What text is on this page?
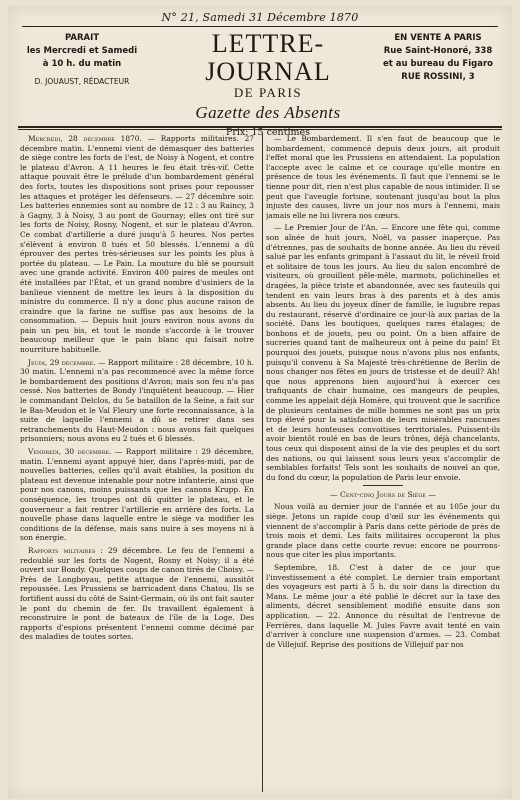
N° 21, Samedi 31 Décembre 1870
PARAIT
les Mercredi et Samedi
à 10 h. du matin
D. JOUAUST, RÉDACTEUR
LETTRE-JOURNAL
DE PARIS
Gazette des Absents
Prix: 15 centimes
EN VENTE A PARIS
Rue Saint-Honoré, 338
et au bureau du Figaro
RUE ROSSINI, 3

Mercredi, 28 décembre 1870. — Rapports militaires. 27 décembre matin. L'ennemi vient de démasquer des batteries de siège contre les forts de l'est, de Noisy à Nogent, et contre le plateau d'Avron. A 11 heures le feu était très-vif. Cette attaque pouvait être le prélude d'un bombardement général des forts, toutes les dispositions sont prises pour repousser les attaques et protéger les défenseurs. — 27 décembre soir. Les batteries ennemies sont au nombre de 12 : 3 au Raincy, 3 à Gagny, 3 à Noisy, 3 au pont de Gournay; elles ont tiré sur les forts de Noisy, Rosny, Nogent, et sur le plateau d'Avron. Ce combat d'artillerie a duré jusqu'à 5 heures. Nos pertes s'élèvent à environ 8 tués et 50 blessés. L'ennemi a dû éprouver des pertes très-sérieuses sur les points les plus à portée du plateau. — Le Pain. La mouture du blé se poursuit avec une grande activité. Environ 400 paires de meules ont été installées par l'État, et un grand nombre d'usiniers de la banlieue viennent de mettre les leurs à la disposition du ministre du commerce. Il n'y a donc plus aucune raison de craindre que la farine ne suffise pas aux besoins de la consommation. — Depuis huit jours environ nous avons du pain un peu bis, et tout le monde s'accorde à le trouver beaucoup meilleur que le pain blanc qui faisait notre nourriture habituelle.

Jeudi, 29 décembre. — Rapport militaire : 28 décembre, 10 h. 30 matin. L'ennemi n'a pas recommencé avec la même force le bombardement des positions d'Avron; mais son feu n'a pas cessé. Nos batteries de Bondy l'inquiètent beaucoup. — Hier le commandant Delclos, du 5e bataillon de la Seine, a fait sur le Bas-Meudon et le Val Fleury une forte reconnaissance, à la suite de laquelle l'ennemi a dû se retirer dans ses retranchements du Haut-Meudon : nous avons fait quelques prisonniers; nous avons eu 2 tués et 6 blessés.

Vendredi, 30 décembre. — Rapport militaire : 29 décembre, matin. L'ennemi ayant appuyé hier, dans l'après-midi, par de nouvelles batteries, celles qu'il avait établies, la position du plateau est devenue intenable pour notre infanterie, ainsi que pour nos canons, moins puissants que les canons Krupp. En conséquence, les troupes ont dû quitter le plateau, et le gouverneur a fait rentrer l'artillerie en arrière des forts. La nouvelle phase dans laquelle entre le siège va modifier les conditions de la défense, mais sans nuire à ses moyens ni à son énergie.

Rapports militaires : 29 décembre. Le feu de l'ennemi a redoublé sur les forts de Nogent, Rosny et Noisy; il a été ouvert sur Bondy. Quelques coups de canon tirés de Choisy. — Près de Longboyau, petite attaque de l'ennemi, aussitôt repoussée. Les Prussiens se barricadent dans Chatou. Ils se fortifient aussi du côté de Saint-Germain, où ils ont fait sauter le pont du chemin de fer. Ils travaillent également à reconstruire le pont de bateaux de l'île de la Loge. Des rapports d'espions présentent l'ennemi comme décimé par des maladies de toutes sortes.

— Le Bombardement. Il s'en faut de beaucoup que le bombardement, commencé depuis deux jours, ait produit l'effet moral que les Prussiens en attendaient. La population l'accepte avec le calme et ce courage qu'elle montre en présence de tous les événements. Il faut que l'ennemi se le tienne pour dit, rien n'est plus capable de nous intimider. Il se peut que l'aveugle fortune, soutenant jusqu'au bout la plus injuste des causes, livre un jour nos murs à l'ennemi, mais jamais elle ne lui livrera nos cœurs.

— Le Premier Jour de l'An. — Encore une fête qui, comme son aînée de huit jours, Noël, va passer inaperçue. Pas d'étrennes, pas de souhaits de bonne année. Au lieu du réveil salué par les enfants grimpant à l'assaut du lit, le réveil froid et solitaire de tous les jours. Au lieu du salon encombré de visiteurs, où grouillent pêle-mêle, marmots, polichinelles et dragées, la pièce triste et abandonnée, avec ses fauteuils qui tendent en vain leurs bras à des parents et à des amis absents. Au lieu du joyeux dîner de famille, le lugubre repas du restaurant, réservé d'ordinaire ce jour-là aux parias de la société. Dans les boutiques, quelques rares étalages; de bonbons et de jouets, peu ou point. On a bien affaire de sucreries quand tant de malheureux ont à peine du pain! Et pourquoi des jouets, puisque nous n'avons plus nos enfants, puisqu'il convenu à Sa Majesté très-chrétienne de Berlin de nous changer nos fêtes en jours de tristesse et de deuil? Ah! que nous apprenons bien aujourd'hui à exercer ces trafiquants de chair humaine, ces mangeurs de peuples, comme les appelait déjà Homère, qui trouvent que le sacrifice de plusieurs centaines de mille hommes ne sont pas un prix trop élevé pour la satisfaction de leurs misérables rancunes et de leurs honteuses convoitises territoriales. Puissent-ils avoir bientôt roulé en bas de leurs trônes, déjà chancelants, tous ceux qui disposent ainsi de la vie des peuples et du sort des nations, ou qui laissent sous leurs yeux s'accomplir de semblables forfaits! Tels sont les souhaits de nouvel an que, du fond du cœur, la population de Paris leur envoie.

— Cent-cinq Jours de Siège —

Nous voilà au dernier jour de l'année et au 105e jour du siège. Jetons un rapide coup d'œil sur les événements qui viennent de s'accomplir à Paris dans cette période de près de trois mois et demi. Les faits militaires occuperont la plus grande place dans cette courte revue: encore ne pourrons-nous que citer les plus importants.

Septembre, 18. C'est à dater de ce jour que l'investissement a été complet. Le dernier train emportant des voyageurs est parti à 5 h. du soir dans la direction du Mans. Le même jour a été publié le décret sur la taxe des aliments, décret sensiblement modifié ensuite dans son application. — 22. Annonce du résultat de l'entrevue de Ferrières, dans laquelle M. Jules Favre avait tenté en vain d'arriver à conclure une suspension d'armes. — 23. Combat de Villejuif. Reprise des positions de Villejuif par nos
